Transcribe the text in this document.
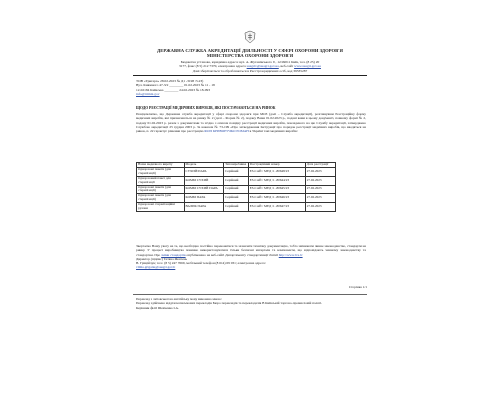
ДЕРЖАВНА СЛУЖБА АКРЕДИТАЦІЇ ДІЯЛЬНОСТІ У СФЕРІ ОХОРОНИ ЗДОРОВ'Я
МІНІСТЕРСТВА ОХОРОНИ ЗДОРОВ'Я
Бюджетна установа, юридична адреса: вул. А. Жуганівського 9 , 12/49011 Київ, тел. (8 25) 20
3177, факс (8 5) 212 7370, електронна адреса suagriv@suagri.gov.ua, веб-сайт www.suagri.gov.ua
Дані зберігаються та оброблюються в Реєстрі юридичних осіб, код 39335287
ТОВ «Тригера» 28.02.2023 № Д1 -3198 /5.23)
Вул. Княжного 47-3/2 ________ 01.02.2023 № 11 - 18
12-02184 Київська ________ 24.02.2023 № 18-093
info@trimix.gov
ЩОДО РЕЄСТРАЦІЇ МЕДИЧНИХ ВИРОБІВ, ЯКІ ПОСТАЧАЮТЬСЯ НА РИНОК
Повідомляємо, що Державна служба акредитації у сфері охорони здоров'я при МОЗ (далі – Служба акредитації), розглянувши Реєстраційну форму медичних виробів, які призначаються на ринку № 2 (далі – Форма № 2), подану Вами 01.02.2023 р., подані вами в цьому документі, повному формі № 2, подану 01.02.2023 р. разом з документами та згідно з описом повідну реєстрації медичних виробів, покладеного на цю Службу акредитації, затверджено Службою акредитації 25 грудня 2003 р. За наказом № 73-199 «Про затвердження Інструкції про порядок реєстрації медичних виробів, що вводяться на ринок, п. 22 гарантує рішення про реєстрацію ФОП КРИВОРУЧКО РОМАН в Україні такі медичних виробів:
Назва медичного виробу	Модель	Тип виробника	Реєстраційний номер	Дата реєстрації
Одноразові пакети (для стерилізації)	СУХИЙ/ПАРА	Серійний	ЕЗ-СAЙ / МЕД /1 -80648/23	27.02.2023
Одноразовий пакет для стерилізації	КОМБІ СУХИЙ	Серійний	ЕЗ-СAЙ / МЕД /1 -80644/23	27.02.2023
Одноразові пакети (для стерилізації)	КОМБІ СУХИЙ ПАРА	Серійний	ЕЗ-СAЙ / МЕД /1 -80645/23	27.02.2023
Одноразові пакети (для стерилізації)	КОМБІ ПАРА	Серійний	ЕЗ-СAЙ / МЕД /1 -80646/23	27.02.2023
Одноразові стерилізаційні рулони	ВАЛИК ПАРА	Серійний	ЕЗ-СAЙ / МЕД /1 -80647/23	27.02.2023
Звертаємо Вашу увагу на те, що необхідно постійно переконатися та зазначати технічну документацію, тобто змінювати чинне законодавство, стандарти на ринку. У процесі виробництва повинно використовуватися тільки безпечні матеріали та компоненти, що відповідають чинному законодавству та стандартам. Про зміни стандартів опубліковано на веб-сайті Департаменту стандартизації Латвії http://www.lvs.lv
Директор (підпис) Тетяна Жовтень
В. Гріщійчук; тел.: (8 5) 247 7669, мобільний телефон (8 614) 69 031; електронна адреса:
vilma.grigaite@suagri.gov.lt
Сторінка 1/1
Переклад з литовської на англійську мову виконано мною:
Переклад здійснено відділом письмових перекладів Бюро перекладів та перекладачів В Київській торгово-промисловій палаті.
Керівник філії Шевченко І.А.
